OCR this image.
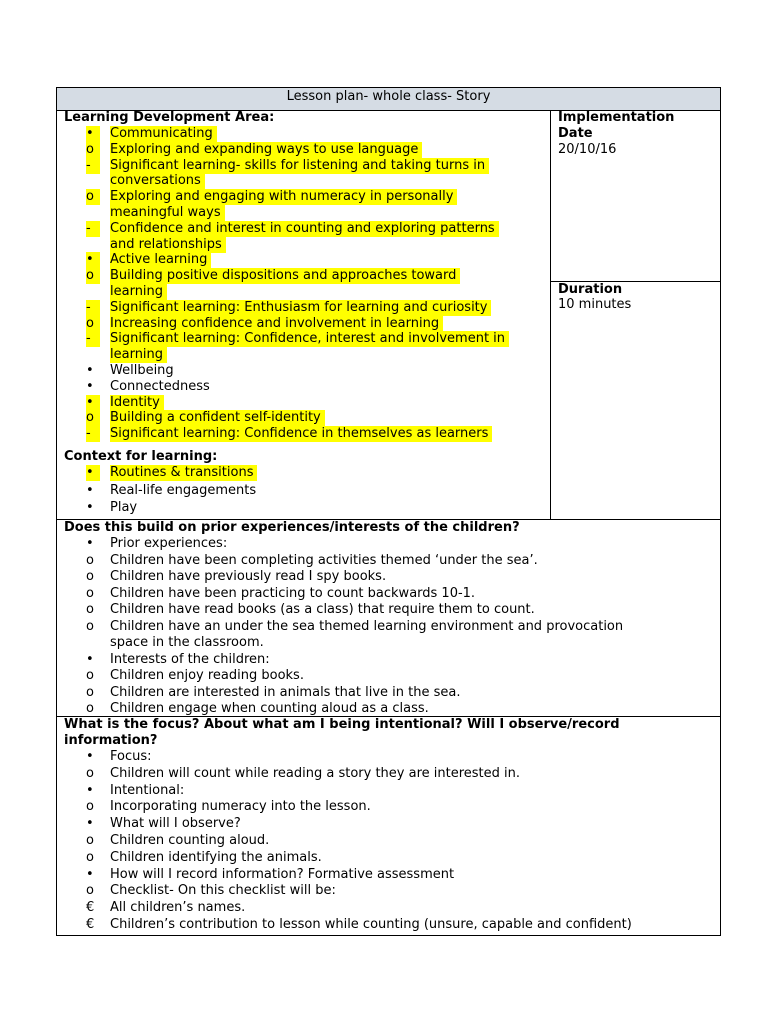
Lesson plan- whole class- Story
Learning Development Area:
•	Communicating
o	Exploring and expanding ways to use language
-	Significant learning- skills for listening and taking turns in
conversations
o	Exploring and engaging with numeracy in personally
meaningful ways
-	Confidence and interest in counting and exploring patterns
and relationships
•	Active learning
o	Building positive dispositions and approaches toward
learning
-	Significant learning: Enthusiasm for learning and curiosity
o	Increasing confidence and involvement in learning
-	Significant learning: Confidence, interest and involvement in
learning
•	Wellbeing
•	Connectedness
•	Identity
o	Building a confident self-identity
-	Significant learning: Confidence in themselves as learners
Context for learning:
•	Routines & transitions
•	Real-life engagements
•	Play
Implementation
Date
20/10/16
Duration
10 minutes
Does this build on prior experiences/interests of the children?
•	Prior experiences:
o	Children have been completing activities themed ‘under the sea’.
o	Children have previously read I spy books.
o	Children have been practicing to count backwards 10-1.
o	Children have read books (as a class) that require them to count.
o	Children have an under the sea themed learning environment and provocation
space in the classroom.
•	Interests of the children:
o	Children enjoy reading books.
o	Children are interested in animals that live in the sea.
o	Children engage when counting aloud as a class.
What is the focus? About what am I being intentional? Will I observe/record
information?
•	Focus:
o	Children will count while reading a story they are interested in.
•	Intentional:
o	Incorporating numeracy into the lesson.
•	What will I observe?
o	Children counting aloud.
o	Children identifying the animals.
•	How will I record information? Formative assessment
o	Checklist- On this checklist will be:
€	All children’s names.
€	Children’s contribution to lesson while counting (unsure, capable and confident)
